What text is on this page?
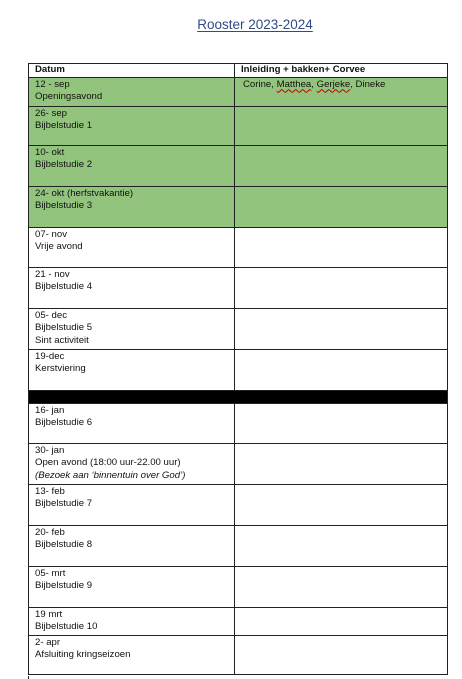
Rooster 2023-2024
Datum	Inleiding + bakken+ Corvee

12 - sep
Openingsavond	Corine, Matthea, Gerjeke, Dineke

26- sep
Bijbelstudie 1	

10- okt
Bijbelstudie 2	

24- okt (herfstvakantie)
Bijbelstudie 3	

07- nov
Vrije avond	

21 - nov
Bijbelstudie 4	

05- dec
Bijbelstudie 5
Sint activiteit	

19-dec
Kerstviering	

16- jan
Bijbelstudie 6	

30- jan
Open avond (18:00 uur-22.00 uur)
(Bezoek aan ‘binnentuin over God’)	

13- feb
Bijbelstudie 7	

20- feb
Bijbelstudie 8	

05- mrt
Bijbelstudie 9	

19 mrt
Bijbelstudie 10	

2- apr
Afsluiting kringseizoen	
